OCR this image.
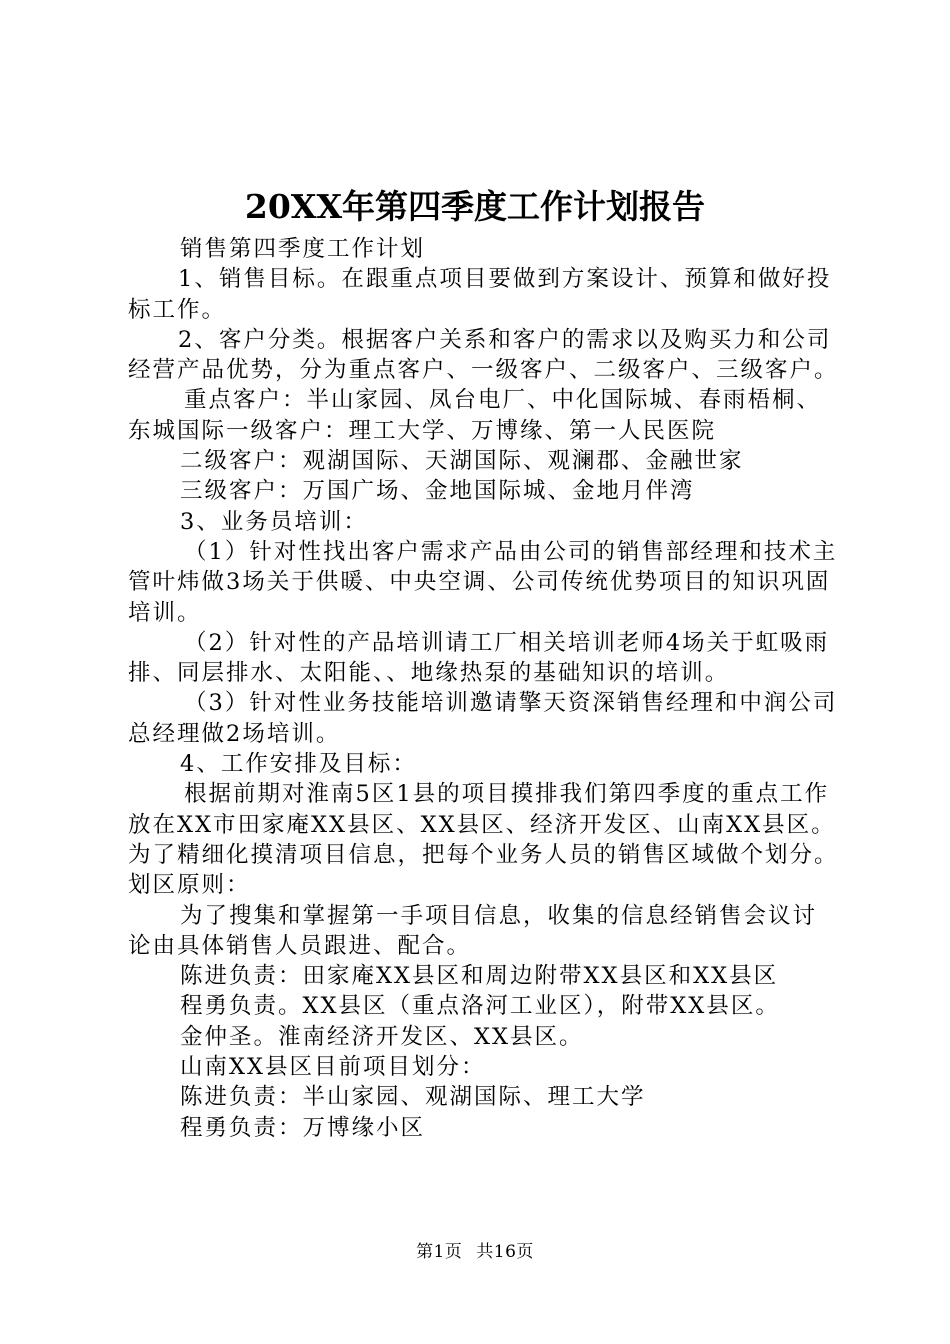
20XX年第四季度工作计划报告

销售第四季度工作计划

1、销售目标。在跟重点项目要做到方案设计、预算和做好投标工作。

2、客户分类。根据客户关系和客户的需求以及购买力和公司经营产品优势，分为重点客户、一级客户、二级客户、三级客户。

重点客户：半山家园、凤台电厂、中化国际城、春雨梧桐、东城国际一级客户：理工大学、万博缘、第一人民医院

二级客户：观湖国际、天湖国际、观澜郡、金融世家

三级客户：万国广场、金地国际城、金地月伴湾

3、业务员培训：

（1）针对性找出客户需求产品由公司的销售部经理和技术主管叶炜做3场关于供暖、中央空调、公司传统优势项目的知识巩固培训。

（2）针对性的产品培训请工厂相关培训老师4场关于虹吸雨排、同层排水、太阳能、、地缘热泵的基础知识的培训。

（3）针对性业务技能培训邀请擎天资深销售经理和中润公司总经理做2场培训。

4、工作安排及目标：

根据前期对淮南5区1县的项目摸排我们第四季度的重点工作放在XX市田家庵XX县区、XX县区、经济开发区、山南XX县区。为了精细化摸清项目信息，把每个业务人员的销售区域做个划分。划区原则：

为了搜集和掌握第一手项目信息，收集的信息经销售会议讨论由具体销售人员跟进、配合。

陈进负责：田家庵XX县区和周边附带XX县区和XX县区

程勇负责。XX县区（重点洛河工业区），附带XX县区。

金仲圣。淮南经济开发区、XX县区。

山南XX县区目前项目划分：

陈进负责：半山家园、观湖国际、理工大学

程勇负责：万博缘小区

第1页 共16页
